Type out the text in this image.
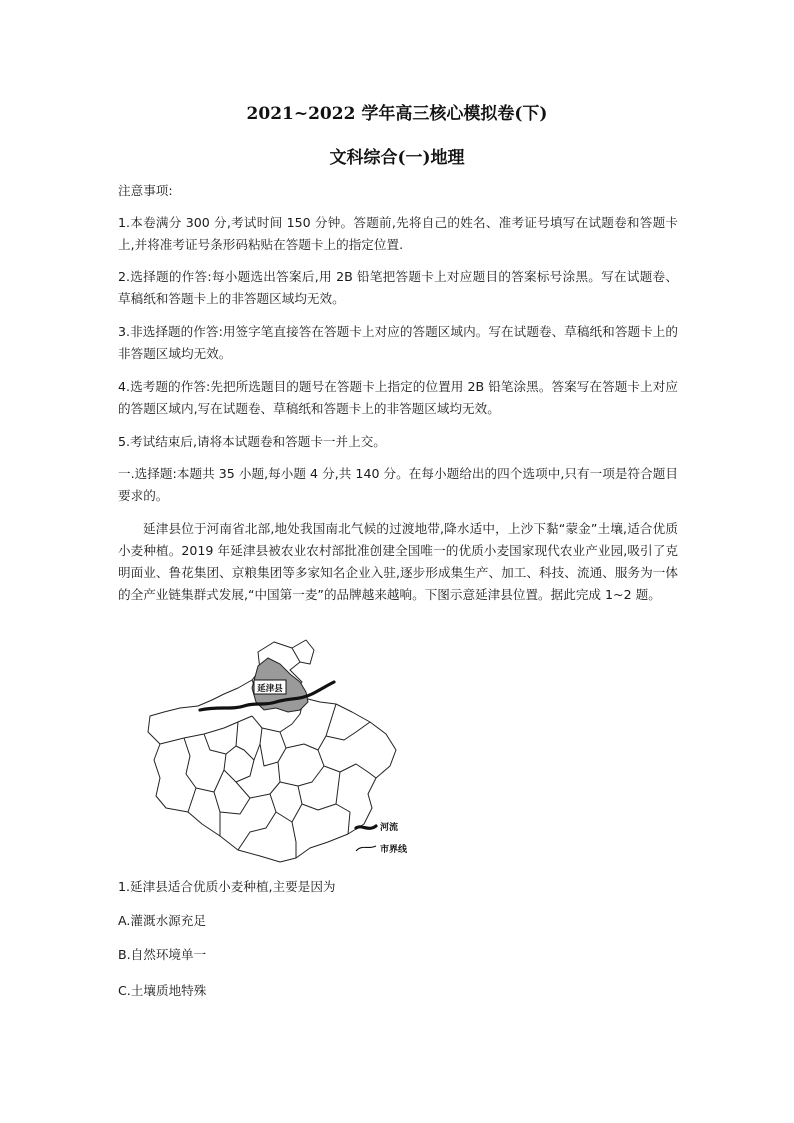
2021~2022 学年高三核心模拟卷(下)
文科综合(一)地理
注意事项:
1.本卷满分 300 分,考试时间 150 分钟。答题前,先将自己的姓名、准考证号填写在试题卷和答题卡上,并将准考证号条形码粘贴在答题卡上的指定位置.
2.选择题的作答:每小题选出答案后,用 2B 铅笔把答题卡上对应题目的答案标号涂黑。写在试题卷、草稿纸和答题卡上的非答题区域均无效。
3.非选择题的作答:用签字笔直接答在答题卡上对应的答题区域内。写在试题卷、草稿纸和答题卡上的非答题区域均无效。
4.选考题的作答:先把所选题目的题号在答题卡上指定的位置用 2B 铅笔涂黑。答案写在答题卡上对应的答题区域内,写在试题卷、草稿纸和答题卡上的非答题区域均无效。
5.考试结束后,请将本试题卷和答题卡一并上交。
一.选择题:本题共 35 小题,每小题 4 分,共 140 分。在每小题给出的四个选项中,只有一项是符合题目要求的。
延津县位于河南省北部,地处我国南北气候的过渡地带,降水适中，上沙下黏“蒙金”土壤,适合优质小麦种植。2019 年延津县被农业农村部批准创建全国唯一的优质小麦国家现代农业产业园,吸引了克明面业、鲁花集团、京粮集团等多家知名企业入驻,逐步形成集生产、加工、科技、流通、服务为一体的全产业链集群式发展,“中国第一麦”的品牌越来越响。下图示意延津县位置。据此完成 1~2 题。
延津县
河流
市界线
1.延津县适合优质小麦种植,主要是因为
A.灌溉水源充足
B.自然环境单一
C.土壤质地特殊
